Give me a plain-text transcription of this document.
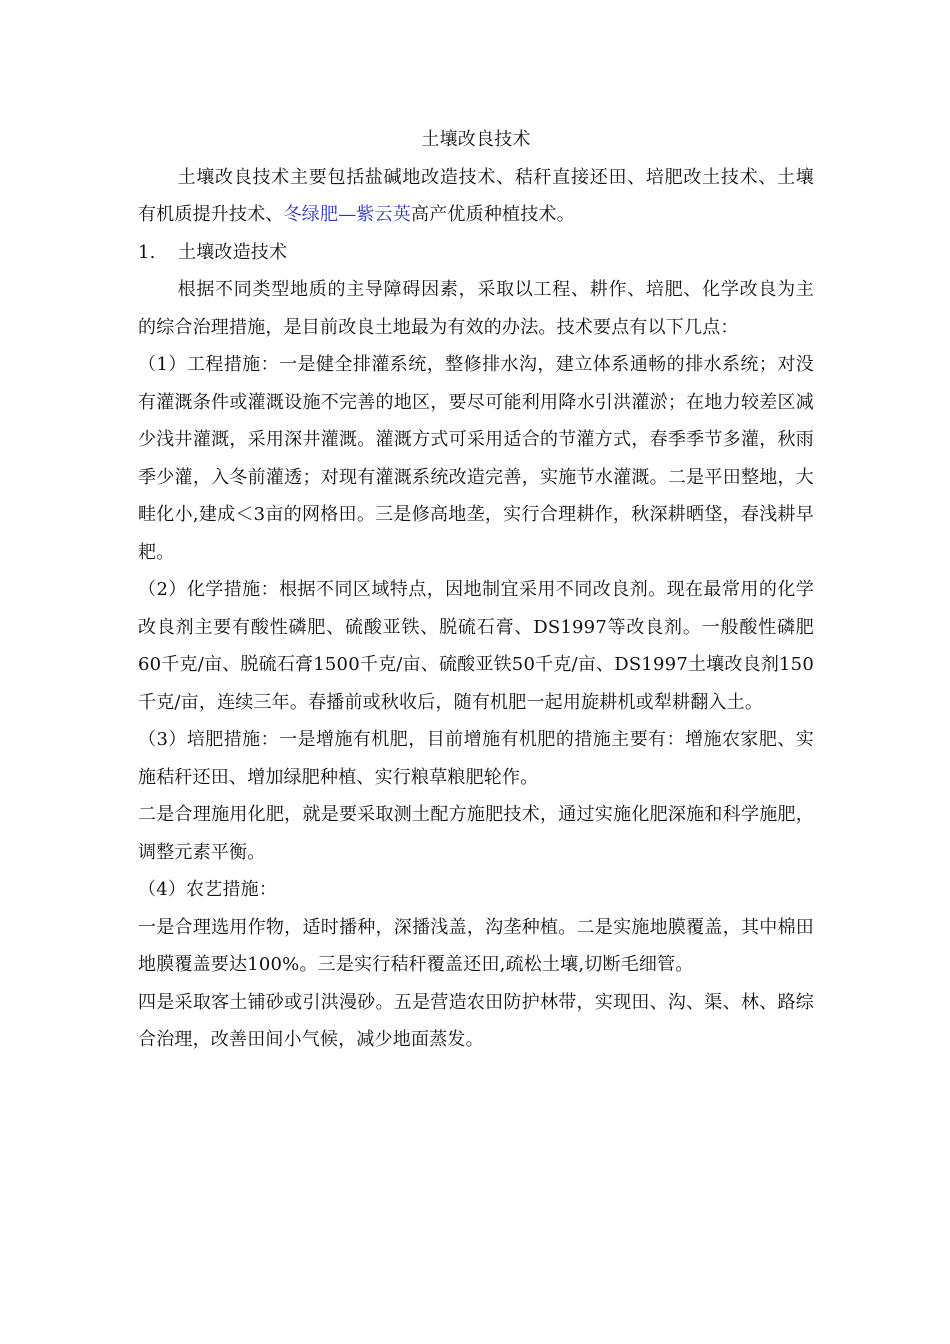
土壤改良技术

土壤改良技术主要包括盐碱地改造技术、秸秆直接还田、培肥改土技术、土壤有机质提升技术、冬绿肥—紫云英高产优质种植技术。

1. 土壤改造技术

根据不同类型地质的主导障碍因素，采取以工程、耕作、培肥、化学改良为主的综合治理措施，是目前改良土地最为有效的办法。技术要点有以下几点：

（1）工程措施：一是健全排灌系统，整修排水沟，建立体系通畅的排水系统；对没有灌溉条件或灌溉设施不完善的地区，要尽可能利用降水引洪灌淤；在地力较差区减少浅井灌溉，采用深井灌溉。灌溉方式可采用适合的节灌方式，春季季节多灌，秋雨季少灌，入冬前灌透；对现有灌溉系统改造完善，实施节水灌溉。二是平田整地，大畦化小,建成＜3亩的网格田。三是修高地垄，实行合理耕作，秋深耕晒垡，春浅耕早耙。

（2）化学措施：根据不同区域特点，因地制宜采用不同改良剂。现在最常用的化学改良剂主要有酸性磷肥、硫酸亚铁、脱硫石膏、DS1997等改良剂。一般酸性磷肥60千克/亩、脱硫石膏1500千克/亩、硫酸亚铁50千克/亩、DS1997土壤改良剂150千克/亩，连续三年。春播前或秋收后，随有机肥一起用旋耕机或犁耕翻入土。

（3）培肥措施：一是增施有机肥，目前增施有机肥的措施主要有：增施农家肥、实施秸秆还田、增加绿肥种植、实行粮草粮肥轮作。

二是合理施用化肥，就是要采取测土配方施肥技术，通过实施化肥深施和科学施肥，调整元素平衡。

（4）农艺措施：

一是合理选用作物，适时播种，深播浅盖，沟垄种植。二是实施地膜覆盖，其中棉田地膜覆盖要达100%。三是实行秸秆覆盖还田,疏松土壤,切断毛细管。

四是采取客土铺砂或引洪漫砂。五是营造农田防护林带，实现田、沟、渠、林、路综合治理，改善田间小气候，减少地面蒸发。
